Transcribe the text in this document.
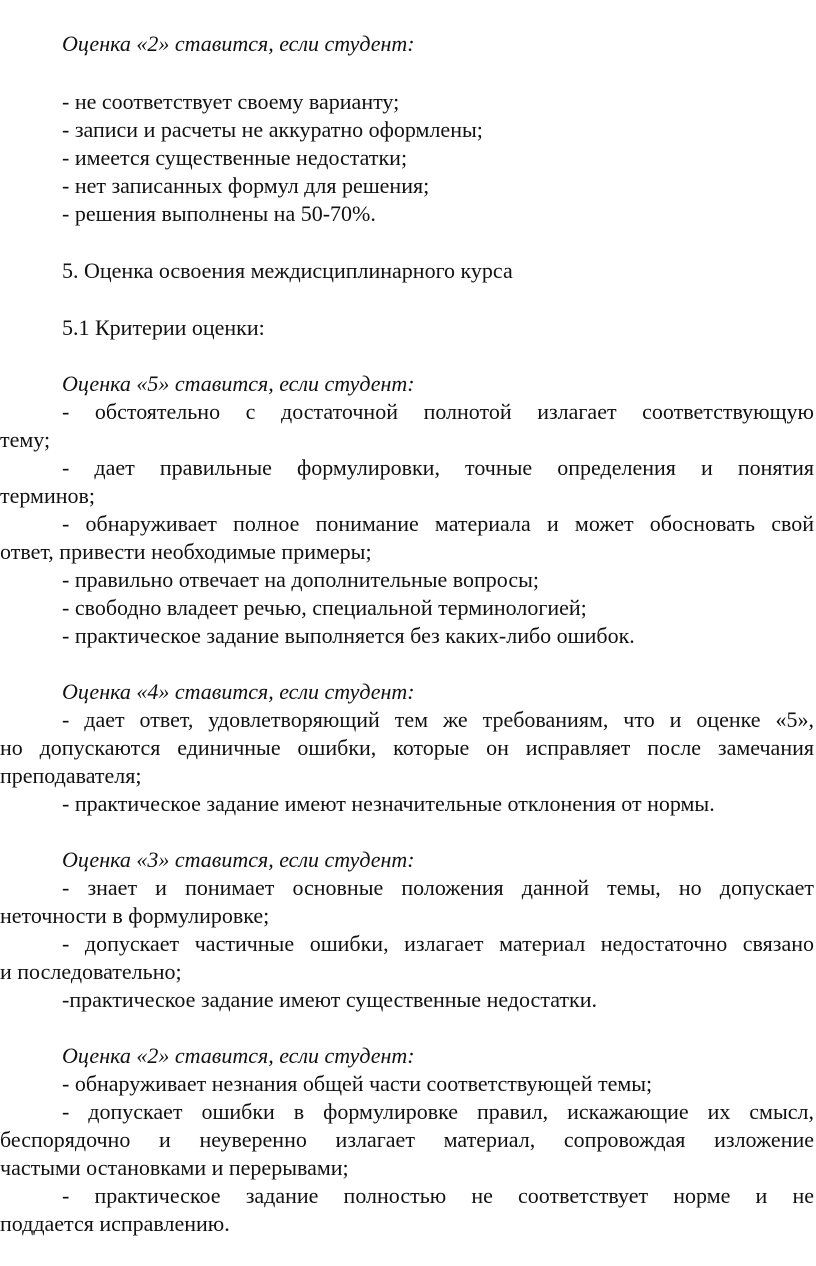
Оценка «2» ставится, если студент:
- не соответствует своему варианту;
- записи и расчеты не аккуратно оформлены;
- имеется существенные недостатки;
- нет записанных формул для решения;
- решения выполнены на 50-70%.
5. Оценка освоения междисциплинарного курса
5.1 Критерии оценки:
Оценка «5» ставится, если студент:
- обстоятельно с достаточной полнотой излагает соответствующую
тему;
- дает правильные формулировки, точные определения и понятия
терминов;
- обнаруживает полное понимание материала и может обосновать свой
ответ, привести необходимые примеры;
- правильно отвечает на дополнительные вопросы;
- свободно владеет речью, специальной терминологией;
- практическое задание выполняется без каких-либо ошибок.
Оценка «4» ставится, если студент:
- дает ответ, удовлетворяющий тем же требованиям, что и оценке «5»,
но допускаются единичные ошибки, которые он исправляет после замечания
преподавателя;
- практическое задание имеют незначительные отклонения от нормы.
Оценка «3» ставится, если студент:
- знает и понимает основные положения данной темы, но допускает
неточности в формулировке;
- допускает частичные ошибки, излагает материал недостаточно связано
и последовательно;
-практическое задание имеют существенные недостатки.
Оценка «2» ставится, если студент:
- обнаруживает незнания общей части соответствующей темы;
- допускает ошибки в формулировке правил, искажающие их смысл,
беспорядочно и неуверенно излагает материал, сопровождая изложение
частыми остановками и перерывами;
- практическое задание полностью не соответствует норме и не
поддается исправлению.
